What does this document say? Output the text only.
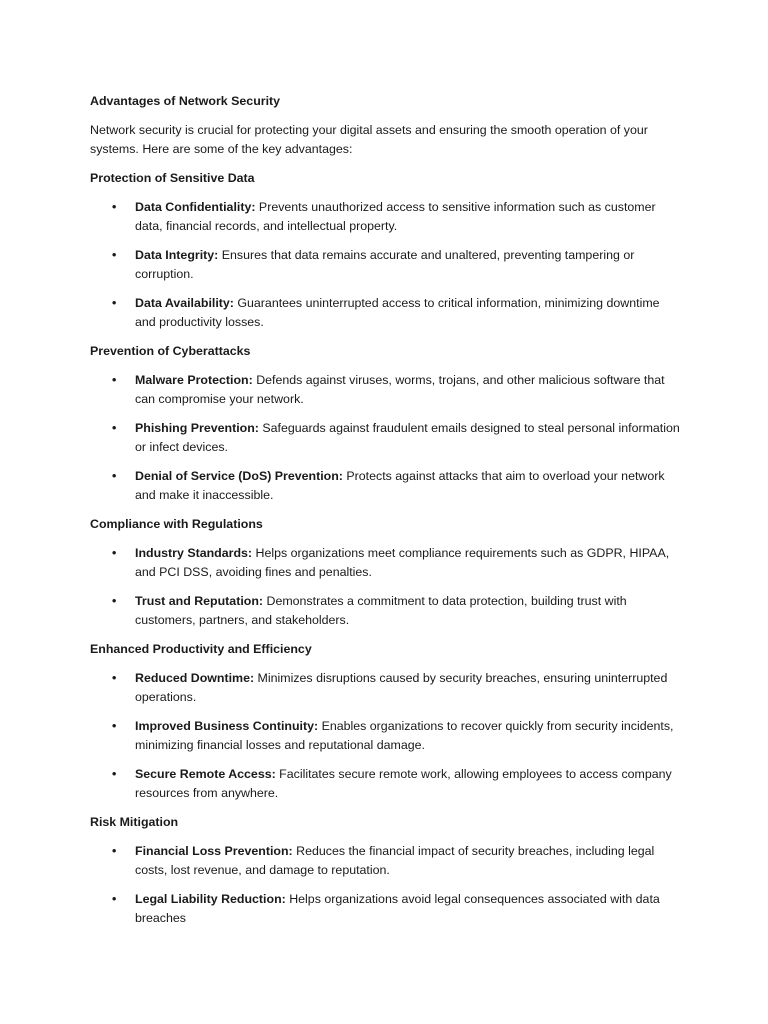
Advantages of Network Security

Network security is crucial for protecting your digital assets and ensuring the smooth operation of your systems. Here are some of the key advantages:

Protection of Sensitive Data

• Data Confidentiality: Prevents unauthorized access to sensitive information such as customer data, financial records, and intellectual property.
• Data Integrity: Ensures that data remains accurate and unaltered, preventing tampering or corruption.
• Data Availability: Guarantees uninterrupted access to critical information, minimizing downtime and productivity losses.

Prevention of Cyberattacks

• Malware Protection: Defends against viruses, worms, trojans, and other malicious software that can compromise your network.
• Phishing Prevention: Safeguards against fraudulent emails designed to steal personal information or infect devices.
• Denial of Service (DoS) Prevention: Protects against attacks that aim to overload your network and make it inaccessible.

Compliance with Regulations

• Industry Standards: Helps organizations meet compliance requirements such as GDPR, HIPAA, and PCI DSS, avoiding fines and penalties.
• Trust and Reputation: Demonstrates a commitment to data protection, building trust with customers, partners, and stakeholders.

Enhanced Productivity and Efficiency

• Reduced Downtime: Minimizes disruptions caused by security breaches, ensuring uninterrupted operations.
• Improved Business Continuity: Enables organizations to recover quickly from security incidents, minimizing financial losses and reputational damage.
• Secure Remote Access: Facilitates secure remote work, allowing employees to access company resources from anywhere.

Risk Mitigation

• Financial Loss Prevention: Reduces the financial impact of security breaches, including legal costs, lost revenue, and damage to reputation.
• Legal Liability Reduction: Helps organizations avoid legal consequences associated with data breaches
